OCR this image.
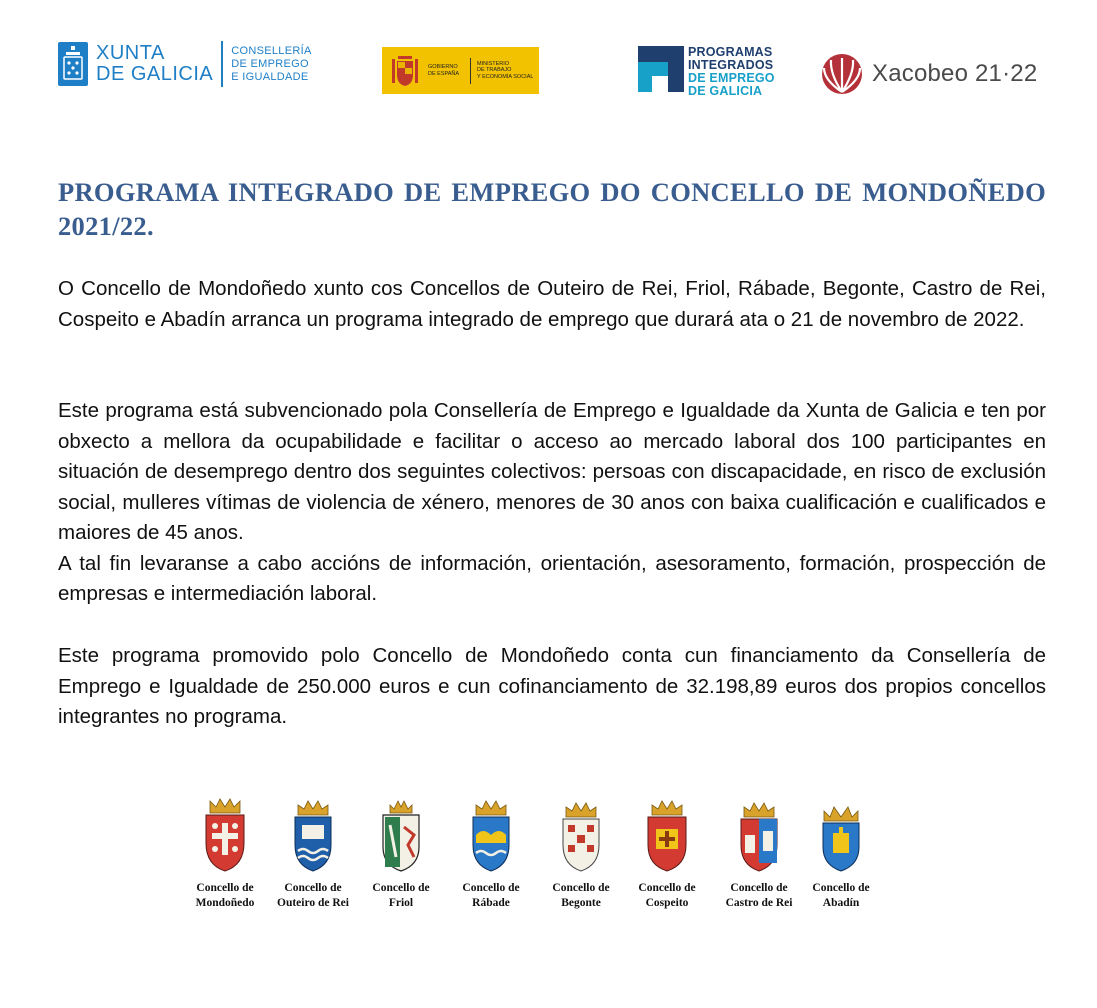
XUNTA
DE GALICIA
CONSELLERÍA
DE EMPREGO
E IGUALDADE
GOBIERNO
DE ESPAÑA
MINISTERIO
DE TRABAJO
Y ECONOMÍA SOCIAL
PROGRAMAS
INTEGRADOS
DE EMPREGO
DE GALICIA
Xacobeo 21·22
PROGRAMA INTEGRADO DE EMPREGO DO CONCELLO DE MONDOÑEDO 2021/22.

O Concello de Mondoñedo xunto cos Concellos de Outeiro de Rei, Friol, Rábade, Begonte, Castro de Rei, Cospeito e Abadín arranca un programa integrado de emprego que durará ata o 21 de novembro de 2022.

Este programa está subvencionado pola Consellería de Emprego e Igualdade da Xunta de Galicia e ten por obxecto a mellora da ocupabilidade e facilitar o acceso ao mercado laboral dos 100 participantes en situación de desemprego dentro dos seguintes colectivos: persoas con discapacidade, en risco de exclusión social, mulleres vítimas de violencia de xénero, menores de 30 anos con baixa cualificación e cualificados e maiores de 45 anos.

A tal fin levaranse a cabo accións de información, orientación, asesoramento, formación, prospección de empresas e intermediación laboral.

Este programa promovido polo Concello de Mondoñedo conta cun financiamento da Consellería de Emprego e Igualdade de 250.000 euros e cun cofinanciamento de 32.198,89 euros dos propios concellos integrantes no programa.

Concello de
Mondoñedo
Concello de
Outeiro de Rei
Concello de
Friol
Concello de
Rábade
Concello de
Begonte
Concello de
Cospeito
Concello de
Castro de Rei
Concello de
Abadín
